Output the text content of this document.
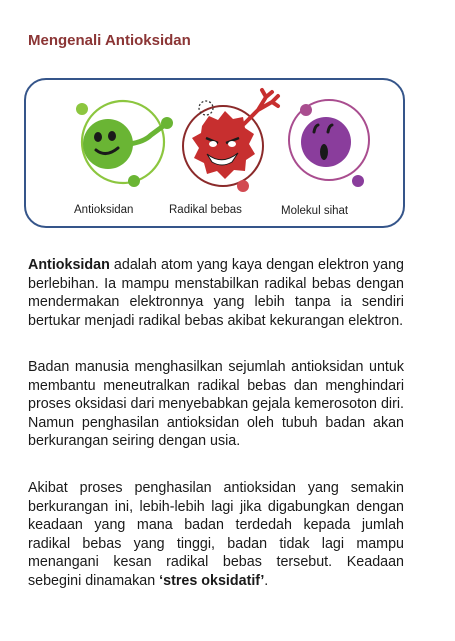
Mengenali Antioksidan
Antioksidan	Radikal bebas	Molekul sihat

Antioksidan adalah atom yang kaya dengan elektron yang berlebihan. Ia mampu menstabilkan radikal bebas dengan mendermakan elektronnya yang lebih tanpa ia sendiri bertukar menjadi radikal bebas akibat kekurangan elektron.

Badan manusia menghasilkan sejumlah antioksidan untuk membantu meneutralkan radikal bebas dan menghindari proses oksidasi dari menyebabkan gejala kemerosoton diri. Namun penghasilan antioksidan oleh tubuh badan akan berkurangan seiring dengan usia.

Akibat proses penghasilan antioksidan yang semakin berkurangan ini, lebih-lebih lagi jika digabungkan dengan keadaan yang mana badan terdedah kepada jumlah radikal bebas yang tinggi, badan tidak lagi mampu menangani kesan radikal bebas tersebut. Keadaan sebegini dinamakan ‘stres oksidatif’.
